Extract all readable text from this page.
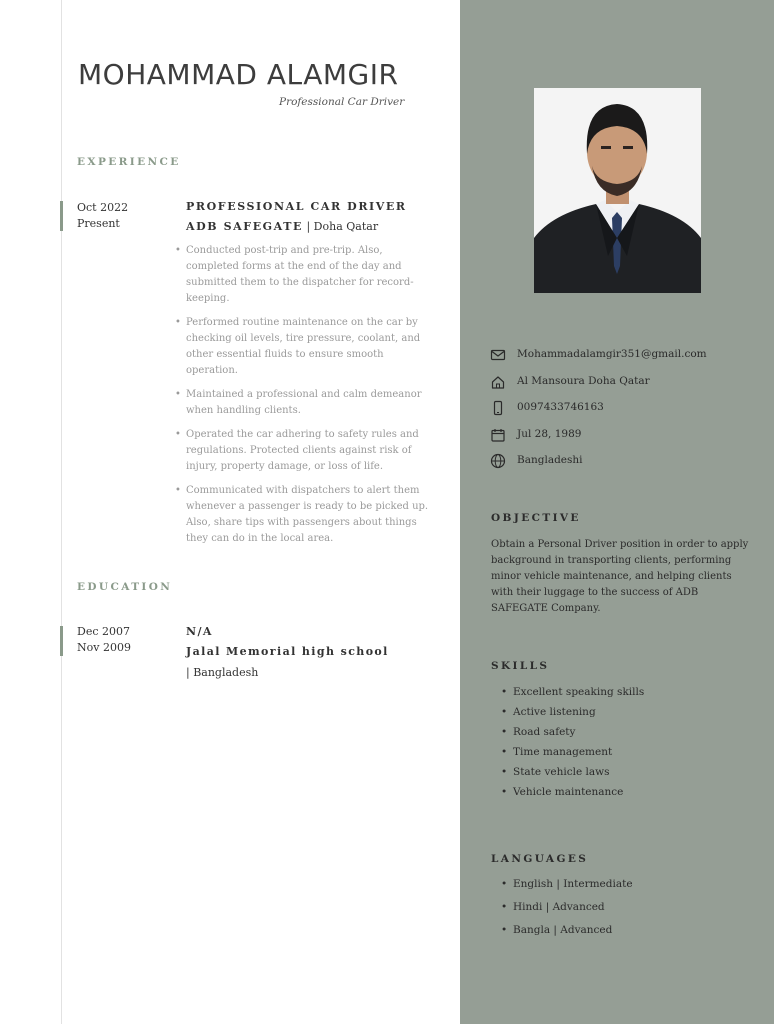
MOHAMMAD ALAMGIR
Professional Car Driver
EXPERIENCE
Oct 2022
Present
PROFESSIONAL CAR DRIVER
ADB SAFEGATE | Doha Qatar
• Conducted post-trip and pre-trip. Also, completed forms at the end of the day and submitted them to the dispatcher for record-keeping.
• Performed routine maintenance on the car by checking oil levels, tire pressure, coolant, and other essential fluids to ensure smooth operation.
• Maintained a professional and calm demeanor when handling clients.
• Operated the car adhering to safety rules and regulations. Protected clients against risk of injury, property damage, or loss of life.
• Communicated with dispatchers to alert them whenever a passenger is ready to be picked up. Also, share tips with passengers about things they can do in the local area.
EDUCATION
Dec 2007
Nov 2009
N/A
Jalal Memorial high school
| Bangladesh
Mohammadalamgir351@gmail.com
Al Mansoura Doha Qatar
0097433746163
Jul 28, 1989
Bangladeshi
OBJECTIVE

Obtain a Personal Driver position in order to apply background in transporting clients, performing minor vehicle maintenance, and helping clients with their luggage to the success of ADB SAFEGATE Company.

SKILLS
• Excellent speaking skills
• Active listening
• Road safety
• Time management
• State vehicle laws
• Vehicle maintenance
LANGUAGES
• English | Intermediate
• Hindi | Advanced
• Bangla | Advanced
